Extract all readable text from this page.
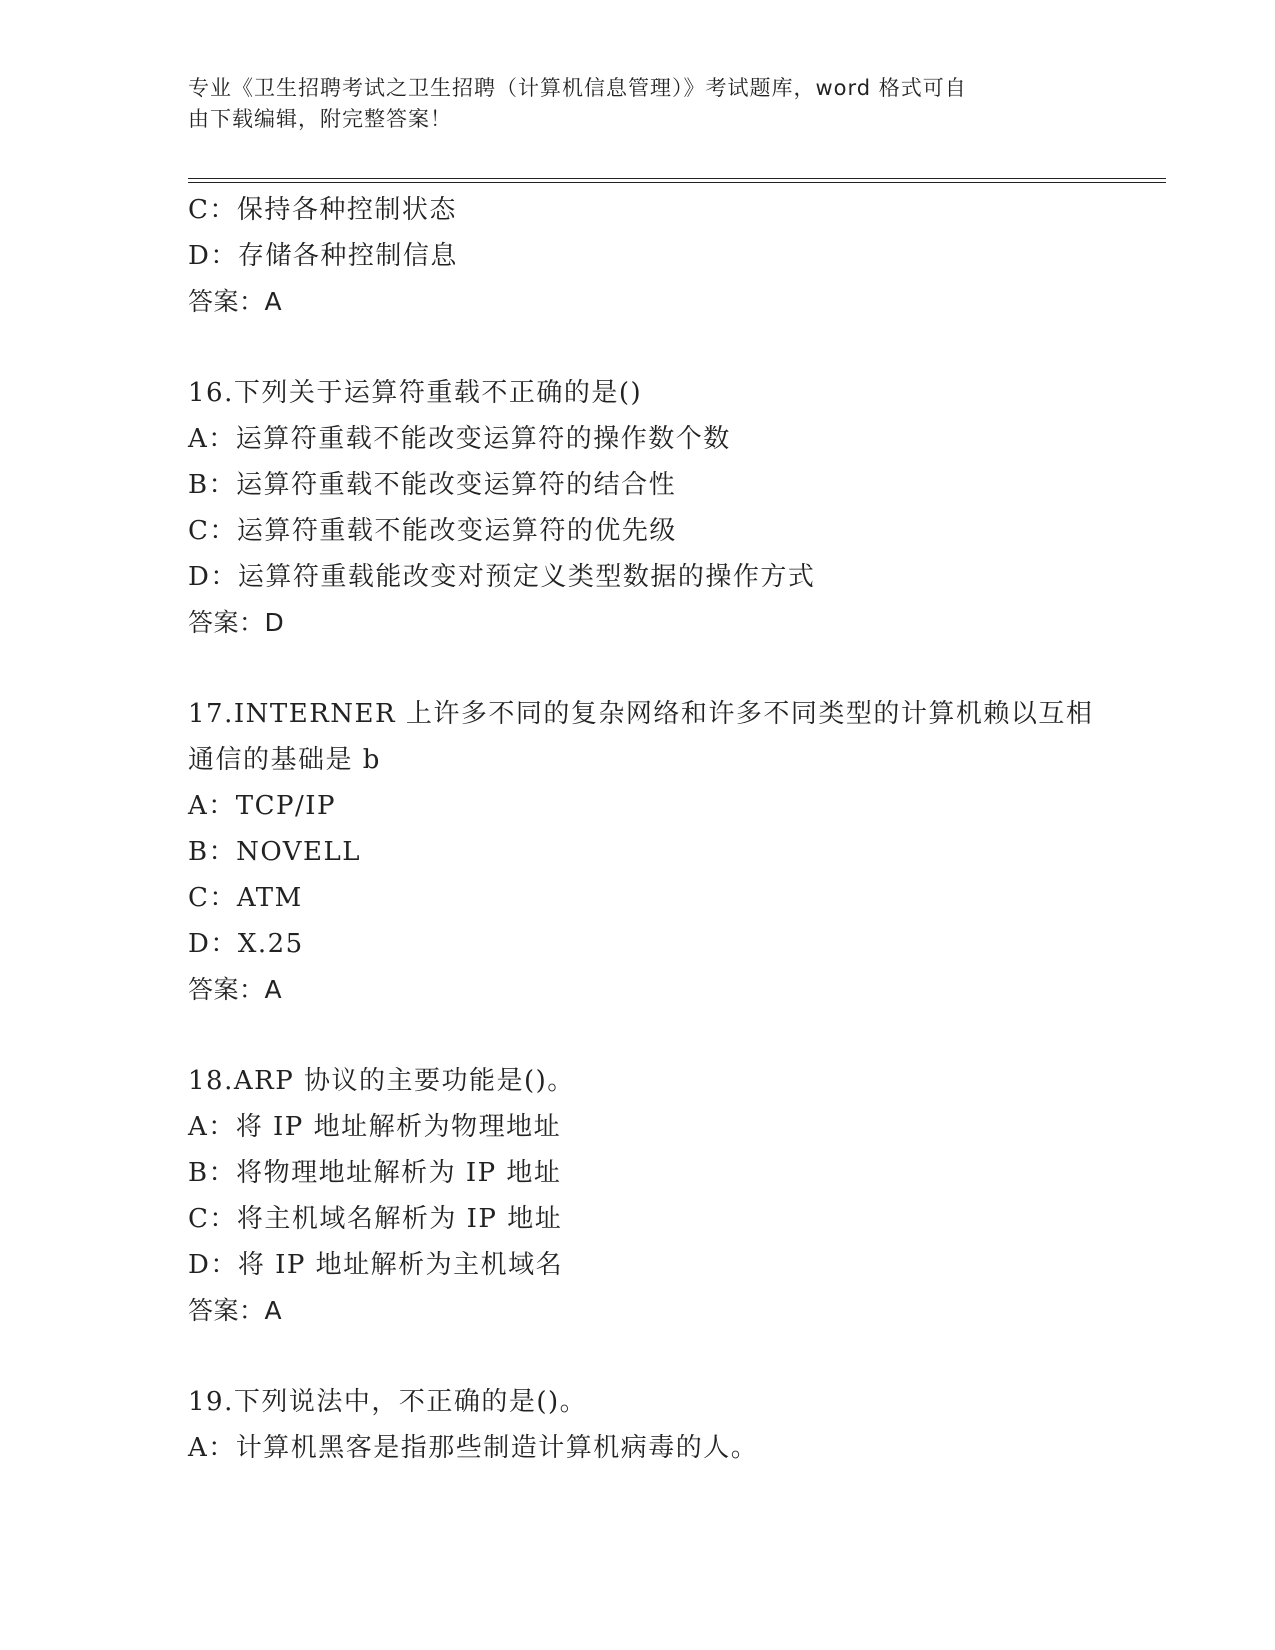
专业《卫生招聘考试之卫生招聘（计算机信息管理）》考试题库，word 格式可自
由下载编辑，附完整答案！
C：保持各种控制状态
D：存储各种控制信息
答案：A
16.下列关于运算符重载不正确的是()
A：运算符重载不能改变运算符的操作数个数
B：运算符重载不能改变运算符的结合性
C：运算符重载不能改变运算符的优先级
D：运算符重载能改变对预定义类型数据的操作方式
答案：D
17.INTERNER 上许多不同的复杂网络和许多不同类型的计算机赖以互相
通信的基础是 b
A：TCP/IP
B：NOVELL
C：ATM
D：X.25
答案：A
18.ARP 协议的主要功能是()。
A：将 IP 地址解析为物理地址
B：将物理地址解析为 IP 地址
C：将主机域名解析为 IP 地址
D：将 IP 地址解析为主机域名
答案：A
19.下列说法中，不正确的是()。
A：计算机黑客是指那些制造计算机病毒的人。
